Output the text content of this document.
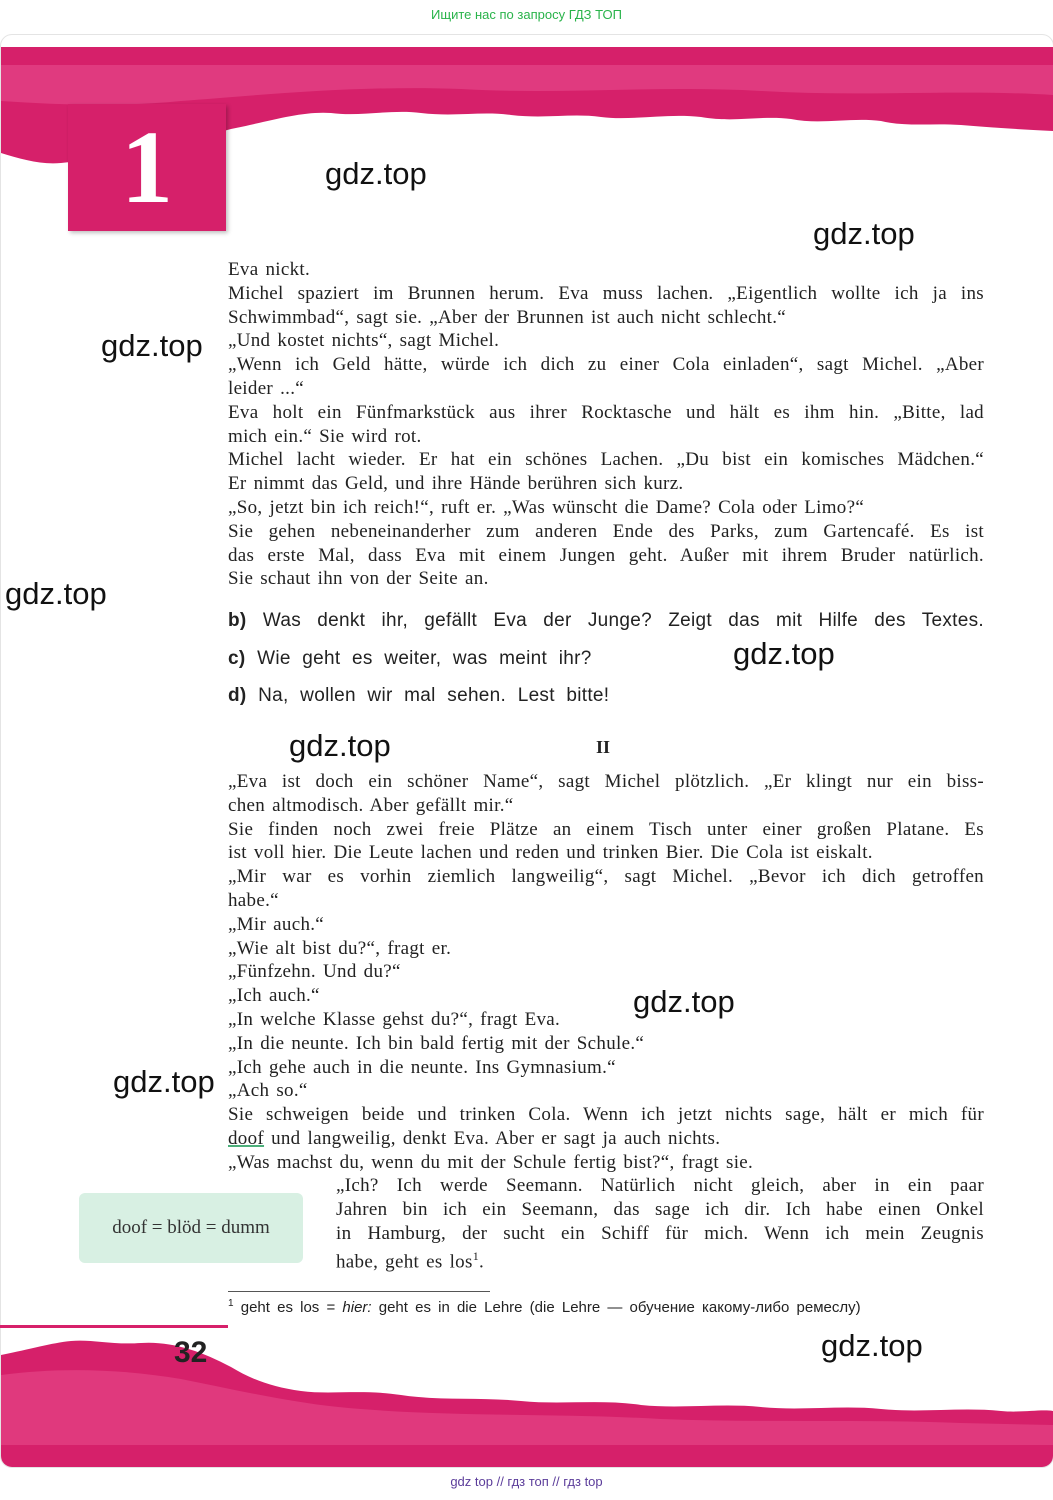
Ищите нас по запросу ГДЗ ТОП
1	gdz.top
gdz.top
gdz.top
gdz.top
gdz.top
gdz.top
gdz.top
gdz.top
gdz.top
Eva nickt.
Michel spaziert im Brunnen herum. Eva muss lachen. „Eigentlich wollte ich ja ins
Schwimmbad“, sagt sie. „Aber der Brunnen ist auch nicht schlecht.“
„Und kostet nichts“, sagt Michel.
„Wenn ich Geld hätte, würde ich dich zu einer Cola einladen“, sagt Michel. „Aber
leider ...“
Eva holt ein Fünfmarkstück aus ihrer Rocktasche und hält es ihm hin. „Bitte, lad
mich ein.“ Sie wird rot.
Michel lacht wieder. Er hat ein schönes Lachen. „Du bist ein komisches Mädchen.“
Er nimmt das Geld, und ihre Hände berühren sich kurz.
„So, jetzt bin ich reich!“, ruft er. „Was wünscht die Dame? Cola oder Limo?“
Sie gehen nebeneinanderher zum anderen Ende des Parks, zum Gartencafé. Es ist
das erste Mal, dass Eva mit einem Jungen geht. Außer mit ihrem Bruder natürlich.
Sie schaut ihn von der Seite an.
b) Was denkt ihr, gefällt Eva der Junge? Zeigt das mit Hilfe des Textes.
c) Wie geht es weiter, was meint ihr?
d) Na, wollen wir mal sehen. Lest bitte!
II
„Eva ist doch ein schöner Name“, sagt Michel plötzlich. „Er klingt nur ein biss-
chen altmodisch. Aber gefällt mir.“
Sie finden noch zwei freie Plätze an einem Tisch unter einer großen Platane. Es
ist voll hier. Die Leute lachen und reden und trinken Bier. Die Cola ist eiskalt.
„Mir war es vorhin ziemlich langweilig“, sagt Michel. „Bevor ich dich getroffen
habe.“
„Mir auch.“
„Wie alt bist du?“, fragt er.
„Fünfzehn. Und du?“
„Ich auch.“
„In welche Klasse gehst du?“, fragt Eva.
„In die neunte. Ich bin bald fertig mit der Schule.“
„Ich gehe auch in die neunte. Ins Gymnasium.“
„Ach so.“
Sie schweigen beide und trinken Cola. Wenn ich jetzt nichts sage, hält er mich für
doof und langweilig, denkt Eva. Aber er sagt ja auch nichts.
„Was machst du, wenn du mit der Schule fertig bist?“, fragt sie.
doof = blöd = dumm
„Ich? Ich werde Seemann. Natürlich nicht gleich, aber in ein paar
Jahren bin ich ein Seemann, das sage ich dir. Ich habe einen Onkel
in Hamburg, der sucht ein Schiff für mich. Wenn ich mein Zeugnis
habe, geht es los$^1$.
$^1$ geht es los = hier: geht es in die Lehre (die Lehre — обучение какому-либо ремеслу)
32
gdz top // гдз топ // гдз top
